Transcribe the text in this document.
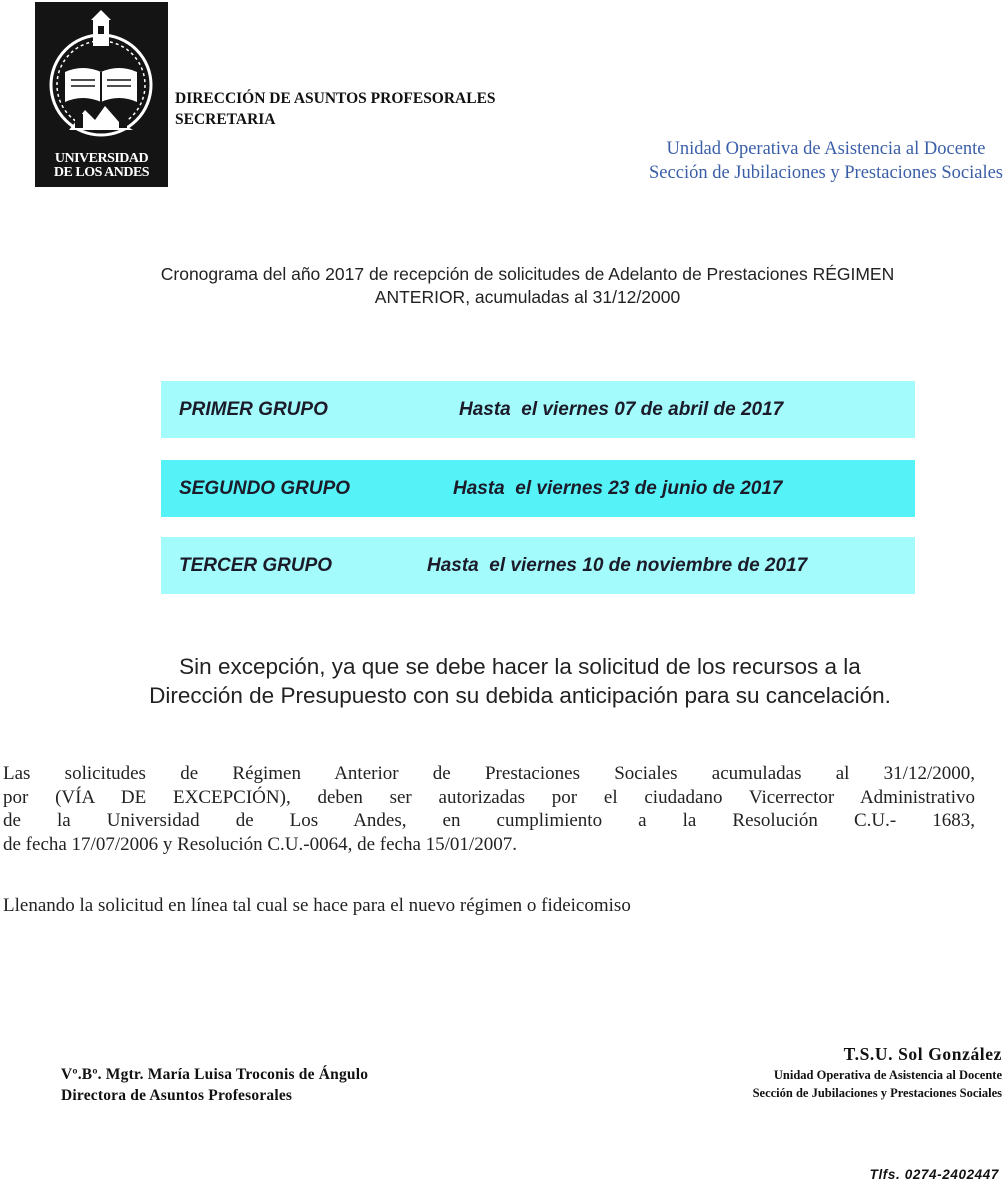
UNIVERSIDAD
DE LOS ANDES
DIRECCIÓN DE ASUNTOS PROFESORALES
SECRETARIA
Unidad Operativa de Asistencia al Docente
Sección de Jubilaciones y Prestaciones Sociales
Cronograma del año 2017 de recepción de solicitudes de Adelanto de Prestaciones RÉGIMEN
ANTERIOR, acumuladas al 31/12/2000
PRIMER GRUPO	Hasta  el viernes 07 de abril de 2017
SEGUNDO GRUPO	Hasta  el viernes 23 de junio de 2017
TERCER GRUPO	Hasta  el viernes 10 de noviembre de 2017
Sin excepción, ya que se debe hacer la solicitud de los recursos a la
Dirección de Presupuesto con su debida anticipación para su cancelación.
Las solicitudes de Régimen Anterior de Prestaciones Sociales acumuladas al 31/12/2000,
por (VÍA DE EXCEPCIÓN), deben ser autorizadas por el ciudadano Vicerrector Administrativo
de la Universidad de Los Andes, en cumplimiento a la Resolución C.U.- 1683,
de fecha 17/07/2006 y Resolución C.U.-0064, de fecha 15/01/2007.
Llenando la solicitud en línea tal cual se hace para el nuevo régimen o fideicomiso
Vº.Bº. Mgtr. María Luisa Troconis de Ángulo
Directora de Asuntos Profesorales
T.S.U. Sol González
Unidad Operativa de Asistencia al Docente
Sección de Jubilaciones y Prestaciones Sociales
Tlfs. 0274-2402447
